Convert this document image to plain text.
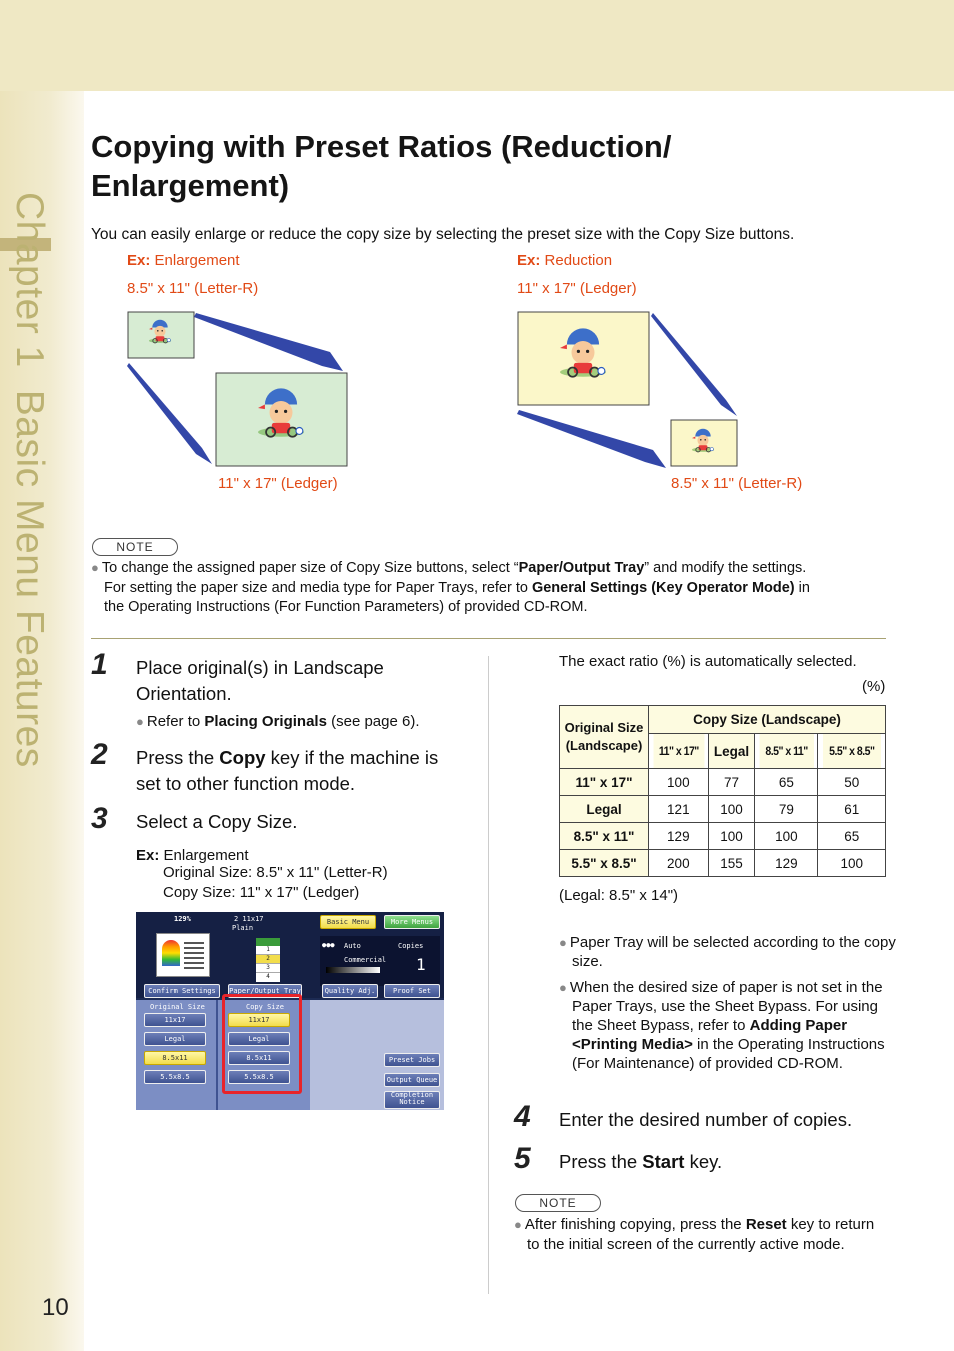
Chapter 1Basic Menu Features
10
Copying with Preset Ratios (Reduction/ Enlargement)
You can easily enlarge or reduce the copy size by selecting the preset size with the Copy Size buttons.
Ex: Enlargement
8.5" x 11" (Letter-R)
11" x 17" (Ledger)
Ex: Reduction
11" x 17" (Ledger)
8.5" x 11" (Letter-R)
NOTE
● To change the assigned paper size of Copy Size buttons, select “Paper/Output Tray” and modify the settings.
For setting the paper size and media type for Paper Trays, refer to General Settings (Key Operator Mode) in
the Operating Instructions (For Function Parameters) of provided CD-ROM.
1 Place original(s) in Landscape
Orientation.
● Refer to Placing Originals (see page 6).
2 Press the Copy key if the machine is
set to other function mode.
3 Select a Copy Size.
Ex: Enlargement
Original Size: 8.5" x 11" (Letter-R)
Copy Size: 11" x 17" (Ledger)
129%	2 11x17
Plain
1
2
3
4
Basic Menu	More Menus
●●● Auto	Copies
Commercial 1
Confirm Settings	Paper/Output Tray	Quality Adj.	Proof Set
Original Size	Copy Size
11x17
Legal
8.5x11
5.5x8.5
11x17
Legal
8.5x11
5.5x8.5
Preset Jobs
Output Queue
Completion Notice
The exact ratio (%) is automatically selected.
(%)
Original Size (Landscape)	Copy Size (Landscape)			
	11" x 17"	Legal	8.5" x 11"	5.5" x 8.5"
11" x 17"	100	77	65	50
Legal	121	100	79	61
8.5" x 11"	129	100	100	65
5.5" x 8.5"	200	155	129	100
(Legal: 8.5" x 14")
● Paper Tray will be selected according to the copy size.
● When the desired size of paper is not set in the Paper Trays, use the Sheet Bypass. For using the Sheet Bypass, refer to Adding Paper <Printing Media> in the Operating Instructions (For Maintenance) of provided CD-ROM.
4 Enter the desired number of copies.
5 Press the Start key.
NOTE
● After finishing copying, press the Reset key to return to the initial screen of the currently active mode.
